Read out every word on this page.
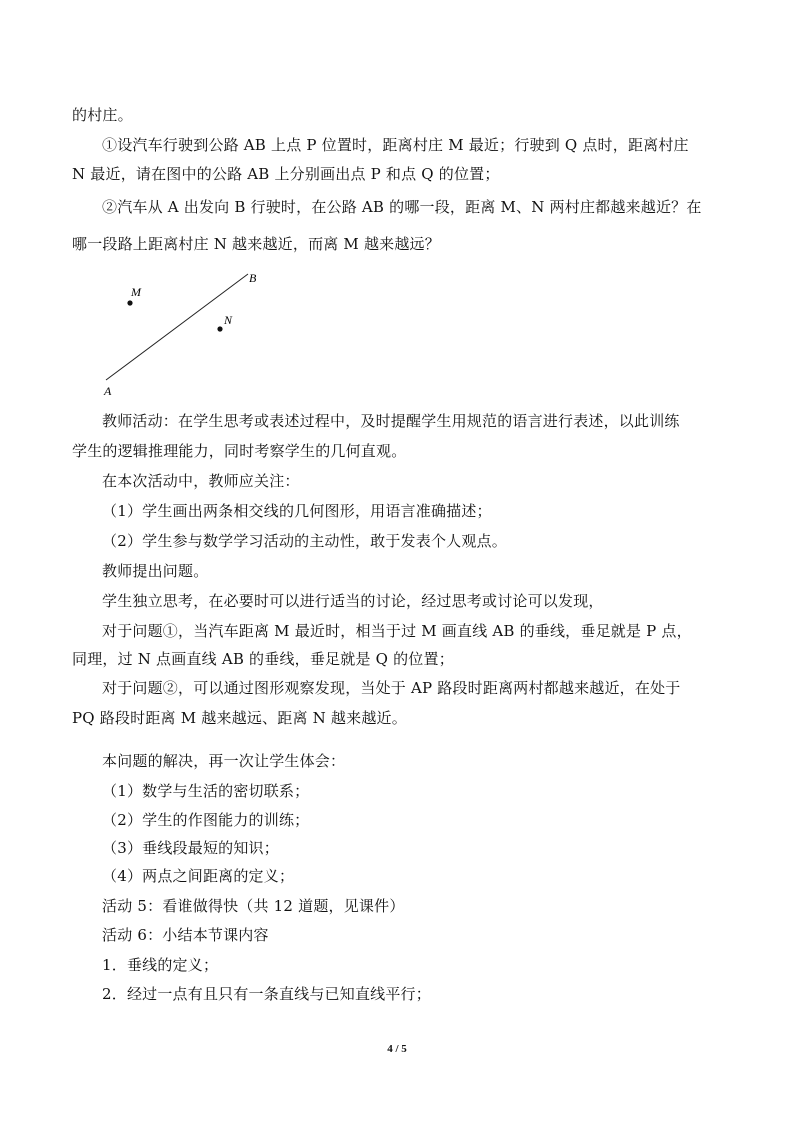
的村庄。
①设汽车行驶到公路 AB 上点 P 位置时，距离村庄 M 最近；行驶到 Q 点时，距离村庄
N 最近，请在图中的公路 AB 上分别画出点 P 和点 Q 的位置；
②汽车从 A 出发向 B 行驶时，在公路 AB 的哪一段，距离 M、N 两村庄都越来越近？在
哪一段路上距离村庄 N 越来越近，而离 M 越来越远？
A
B
M
N
教师活动：在学生思考或表述过程中，及时提醒学生用规范的语言进行表述，以此训练
学生的逻辑推理能力，同时考察学生的几何直观。
在本次活动中，教师应关注：
（1）学生画出两条相交线的几何图形，用语言准确描述；
（2）学生参与数学学习活动的主动性，敢于发表个人观点。
教师提出问题。
学生独立思考，在必要时可以进行适当的讨论，经过思考或讨论可以发现，
对于问题①，当汽车距离 M 最近时，相当于过 M 画直线 AB 的垂线，垂足就是 P 点，
同理，过 N 点画直线 AB 的垂线，垂足就是 Q 的位置；
对于问题②，可以通过图形观察发现，当处于 AP 路段时距离两村都越来越近，在处于
PQ 路段时距离 M 越来越远、距离 N 越来越近。
本问题的解决，再一次让学生体会：
（1）数学与生活的密切联系；
（2）学生的作图能力的训练；
（3）垂线段最短的知识；
（4）两点之间距离的定义；
活动 5：看谁做得快（共 12 道题，见课件）
活动 6：小结本节课内容
1．垂线的定义；
2．经过一点有且只有一条直线与已知直线平行；
4 / 5
